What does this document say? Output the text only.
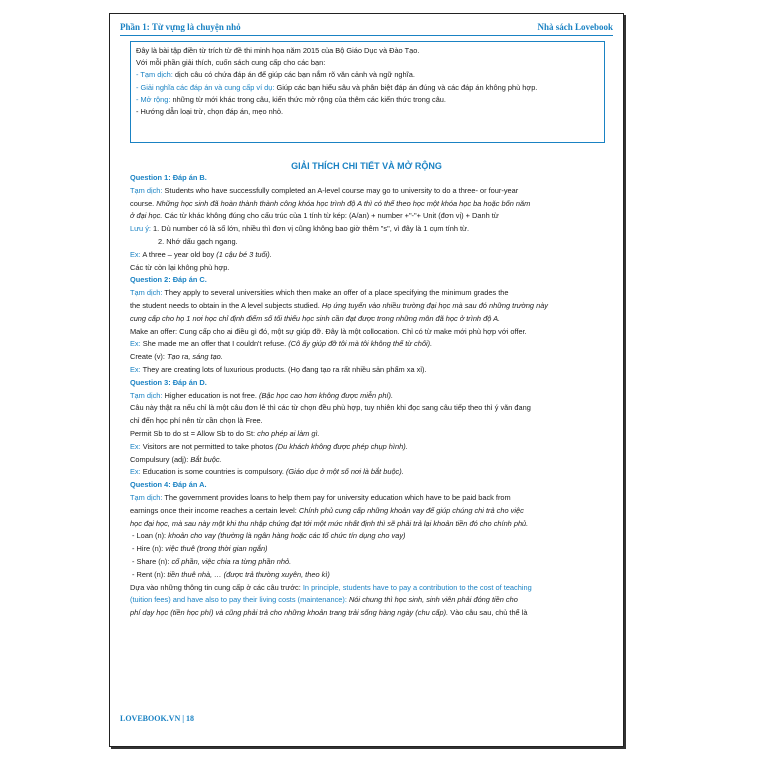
Phần 1: Từ vựng là chuyện nhỏ	Nhà sách Lovebook
Đây là bài tập điền từ trích từ đề thi minh họa năm 2015 của Bộ Giáo Dục và Đào Tạo.
Với mỗi phần giải thích, cuốn sách cung cấp cho các bạn:
- Tạm dịch: dịch câu có chứa đáp án để giúp các bạn nắm rõ văn cảnh và ngữ nghĩa.
- Giải nghĩa các đáp án và cung cấp ví dụ: Giúp các bạn hiểu sâu và phân biệt đáp án đúng và các đáp án không phù hợp.
- Mở rộng: những từ mới khác trong câu, kiến thức mở rộng của thêm các kiến thức trong câu.
- Hướng dẫn loại trừ, chọn đáp án, mẹo nhỏ.
GIẢI THÍCH CHI TIẾT VÀ MỞ RỘNG
Question 1: Đáp án B.
Tạm dịch: Students who have successfully completed an A-level course may go to university to do a three- or four-year
course. Những học sinh đã hoàn thành thành công khóa học trình độ A thì có thể theo học một khóa học ba hoặc bốn năm
ở đại học. Các từ khác không đúng cho cấu trúc của 1 tính từ kép: (A/an) + number +"-"+ Unit (đơn vị) + Danh từ
Lưu ý: 1. Dù number có là số lớn, nhiều thì đơn vị cũng không bao giờ thêm "s", vì đây là 1 cụm tính từ.
2. Nhớ dấu gạch ngang.
Ex: A three – year old boy (1 cậu bé 3 tuổi).
Các từ còn lại không phù hợp.
Question 2: Đáp án C.
Tạm dịch: They apply to several universities which then make an offer of a place specifying the minimum grades the
the student needs to obtain in the A level subjects studied. Họ ứng tuyển vào nhiều trường đại học mà sau đó những trường này
cung cấp cho họ 1 nơi học chỉ định điểm số tối thiểu học sinh cần đạt được trong những môn đã học ở trình độ A.
Make an offer: Cung cấp cho ai điều gì đó, một sự giúp đỡ. Đây là một collocation. Chỉ có từ make mới phù hợp với offer.
Ex: She made me an offer that I couldn't refuse. (Cô ấy giúp đỡ tôi mà tôi không thể từ chối).
Create (v): Tạo ra, sáng tạo.
Ex: They are creating lots of luxurious products. (Họ đang tạo ra rất nhiều sản phẩm xa xỉ).
Question 3: Đáp án D.
Tạm dịch: Higher education is not free. (Bậc học cao hơn không được miễn phí).
Câu này thật ra nếu chỉ là một câu đơn lẻ thì các từ chọn đều phù hợp, tuy nhiên khi đọc sang câu tiếp theo thì ý văn đang
chỉ đến học phí nên từ cần chọn là Free.
Permit Sb to do st = Allow Sb to do St: cho phép ai làm gì.
Ex: Visitors are not permitted to take photos (Du khách không được phép chụp hình).
Compulsury (adj): Bắt buộc.
Ex: Education is some countries is compulsory. (Giáo dục ở một số nơi là bắt buộc).
Question 4: Đáp án A.
Tạm dịch: The government provides loans to help them pay for university education which have to be paid back from
earnings once their income reaches a certain level: Chính phủ cung cấp những khoản vay để giúp chúng chi trả cho việc
học đại học, mà sau này một khi thu nhập chúng đạt tới một mức nhất định thì sẽ phải trả lại khoản tiền đó cho chính phủ.
- Loan (n): khoản cho vay (thường là ngân hàng hoặc các tổ chức tín dụng cho vay)
- Hire (n): việc thuê (trong thời gian ngắn)
- Share (n): cổ phần, việc chia ra từng phần nhỏ.
- Rent (n): tiền thuê nhà, … (được trả thường xuyên, theo kì)
Dựa vào những thông tin cung cấp ở các câu trước: In principle, students have to pay a contribution to the cost of teaching
(tuition fees) and have also to pay their living costs (maintenance): Nói chung thì học sinh, sinh viên phải đóng tiền cho
phí dạy học (tiền học phí) và cũng phải trả cho những khoản trang trải sống hàng ngày (chu cấp). Vào câu sau, chủ thể là
LOVEBOOK.VN | 18
